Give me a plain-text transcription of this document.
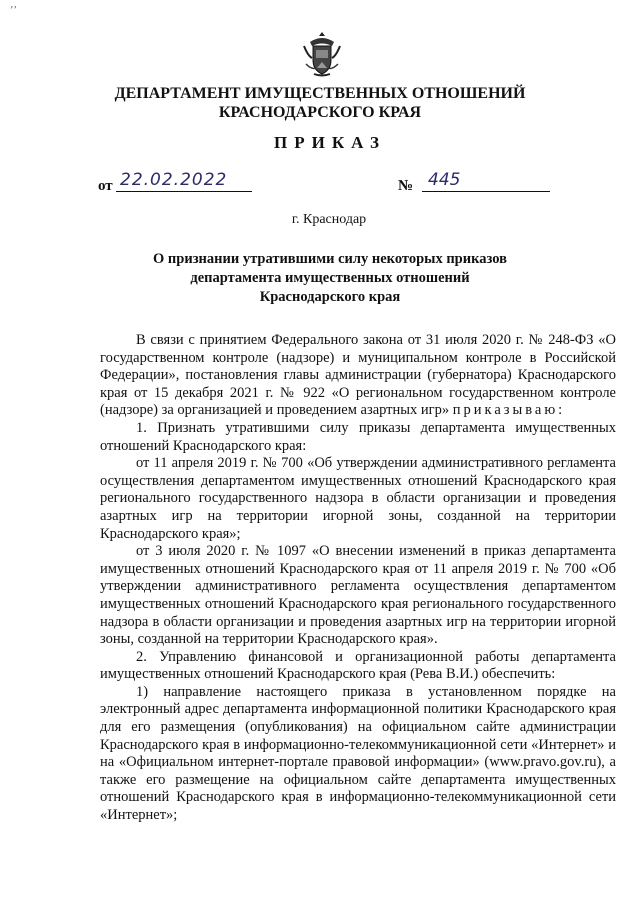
’’
ДЕПАРТАМЕНТ ИМУЩЕСТВЕННЫХ ОТНОШЕНИЙ
КРАСНОДАРСКОГО КРАЯ
ПРИКАЗ
от 22.02.2022	№ 445
г. Краснодар
О признании утратившими силу некоторых приказов
департамента имущественных отношений
Краснодарского края

В связи с принятием Федерального закона от 31 июля 2020 г. № 248-ФЗ «О государственном контроле (надзоре) и муниципальном контроле в Российской Федерации», постановления главы администрации (губернатора) Краснодарского края от 15 декабря 2021 г. № 922 «О региональном государственном контроле (надзоре) за организацией и проведением азартных игр» приказываю:

1. Признать утратившими силу приказы департамента имущественных отношений Краснодарского края:

от 11 апреля 2019 г. № 700 «Об утверждении административного регламента осуществления департаментом имущественных отношений Краснодарского края регионального государственного надзора в области организации и проведения азартных игр на территории игорной зоны, созданной на территории Краснодарского края»;

от 3 июля 2020 г. № 1097 «О внесении изменений в приказ департамента имущественных отношений Краснодарского края от 11 апреля 2019 г. № 700 «Об утверждении административного регламента осуществления департаментом имущественных отношений Краснодарского края регионального государственного надзора в области организации и проведения азартных игр на территории игорной зоны, созданной на территории Краснодарского края».

2. Управлению финансовой и организационной работы департамента имущественных отношений Краснодарского края (Рева В.И.) обеспечить:

1) направление настоящего приказа в установленном порядке на электронный адрес департамента информационной политики Краснодарского края для его размещения (опубликования) на официальном сайте администрации Краснодарского края в информационно-телекоммуникационной сети «Интернет» и на «Официальном интернет-портале правовой информации» (www.pravo.gov.ru), а также его размещение на официальном сайте департамента имущественных отношений Краснодарского края в информационно-телекоммуникационной сети «Интернет»;
